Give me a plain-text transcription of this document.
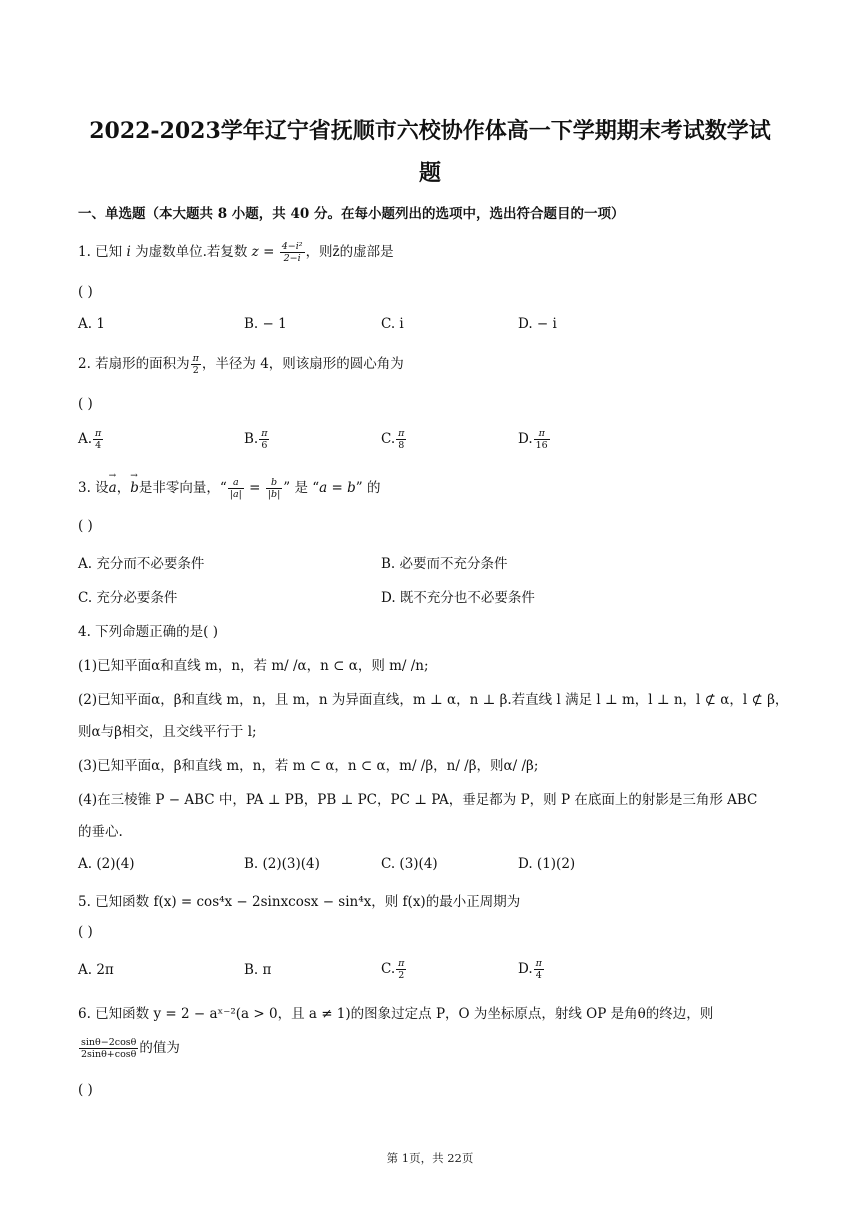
2022-2023学年辽宁省抚顺市六校协作体高一下学期期末考试数学试
题
一、单选题（本大题共 8 小题，共 40 分。在每小题列出的选项中，选出符合题目的一项）
1. 已知 i 为虚数单位.若复数 $z = \frac{\text{4−i²}}{2-i}$ ，则z̄的虚部是
( )
A. 1	B. − 1	C. i	D. − i
2. 若扇形的面积为 $\frac{\pi}{2}$ ，半径为 4，则该扇形的圆心角为
( )
A. $\frac{\pi}{4}$	B. $\frac{\pi}{6}$	C. $\frac{\pi}{8}$	D. $\frac{\pi}{16}$
3. 设→ a，→ b是非零向量，“ $\frac{a}{|a|} = \frac{b}{|b|}$ ” 是 “a = b” 的
( )
A. 充分而不必要条件	B. 必要而不充分条件
C. 充分必要条件	D. 既不充分也不必要条件
4. 下列命题正确的是( )
(1)已知平面α和直线 m，n，若 m/ /α，n ⊂ α，则 m/ /n;
(2)已知平面α，β和直线 m，n，且 m，n 为异面直线，m ⊥ α，n ⊥ β.若直线 l 满足 l ⊥ m，l ⊥ n，l ⊄ α，l ⊄ β，
则α与β相交，且交线平行于 l;
(3)已知平面α，β和直线 m，n，若 m ⊂ α，n ⊂ α，m/ /β，n/ /β，则α/ /β;
(4)在三棱锥 P − ABC 中，PA ⊥ PB，PB ⊥ PC，PC ⊥ PA，垂足都为 P，则 P 在底面上的射影是三角形 ABC
的垂心.
A. (2)(4)	B. (2)(3)(4)	C. (3)(4)	D. (1)(2)
5. 已知函数 f(x) = cos⁴x − 2sinxcosx − sin⁴x，则 f(x)的最小正周期为
( )
A. 2π	B. π	C. $\frac{\pi}{2}$	D. $\frac{\pi}{4}$
6. 已知函数 y = 2 − aˣ⁻²(a > 0，且 a ≠ 1)的图象过定点 P，O 为坐标原点，射线 OP 是角θ的终边，则
$\frac{\sin\theta-2\cos\theta}{2\sin\theta+\cos\theta}$ 的值为
( )
第 1页，共 22页
